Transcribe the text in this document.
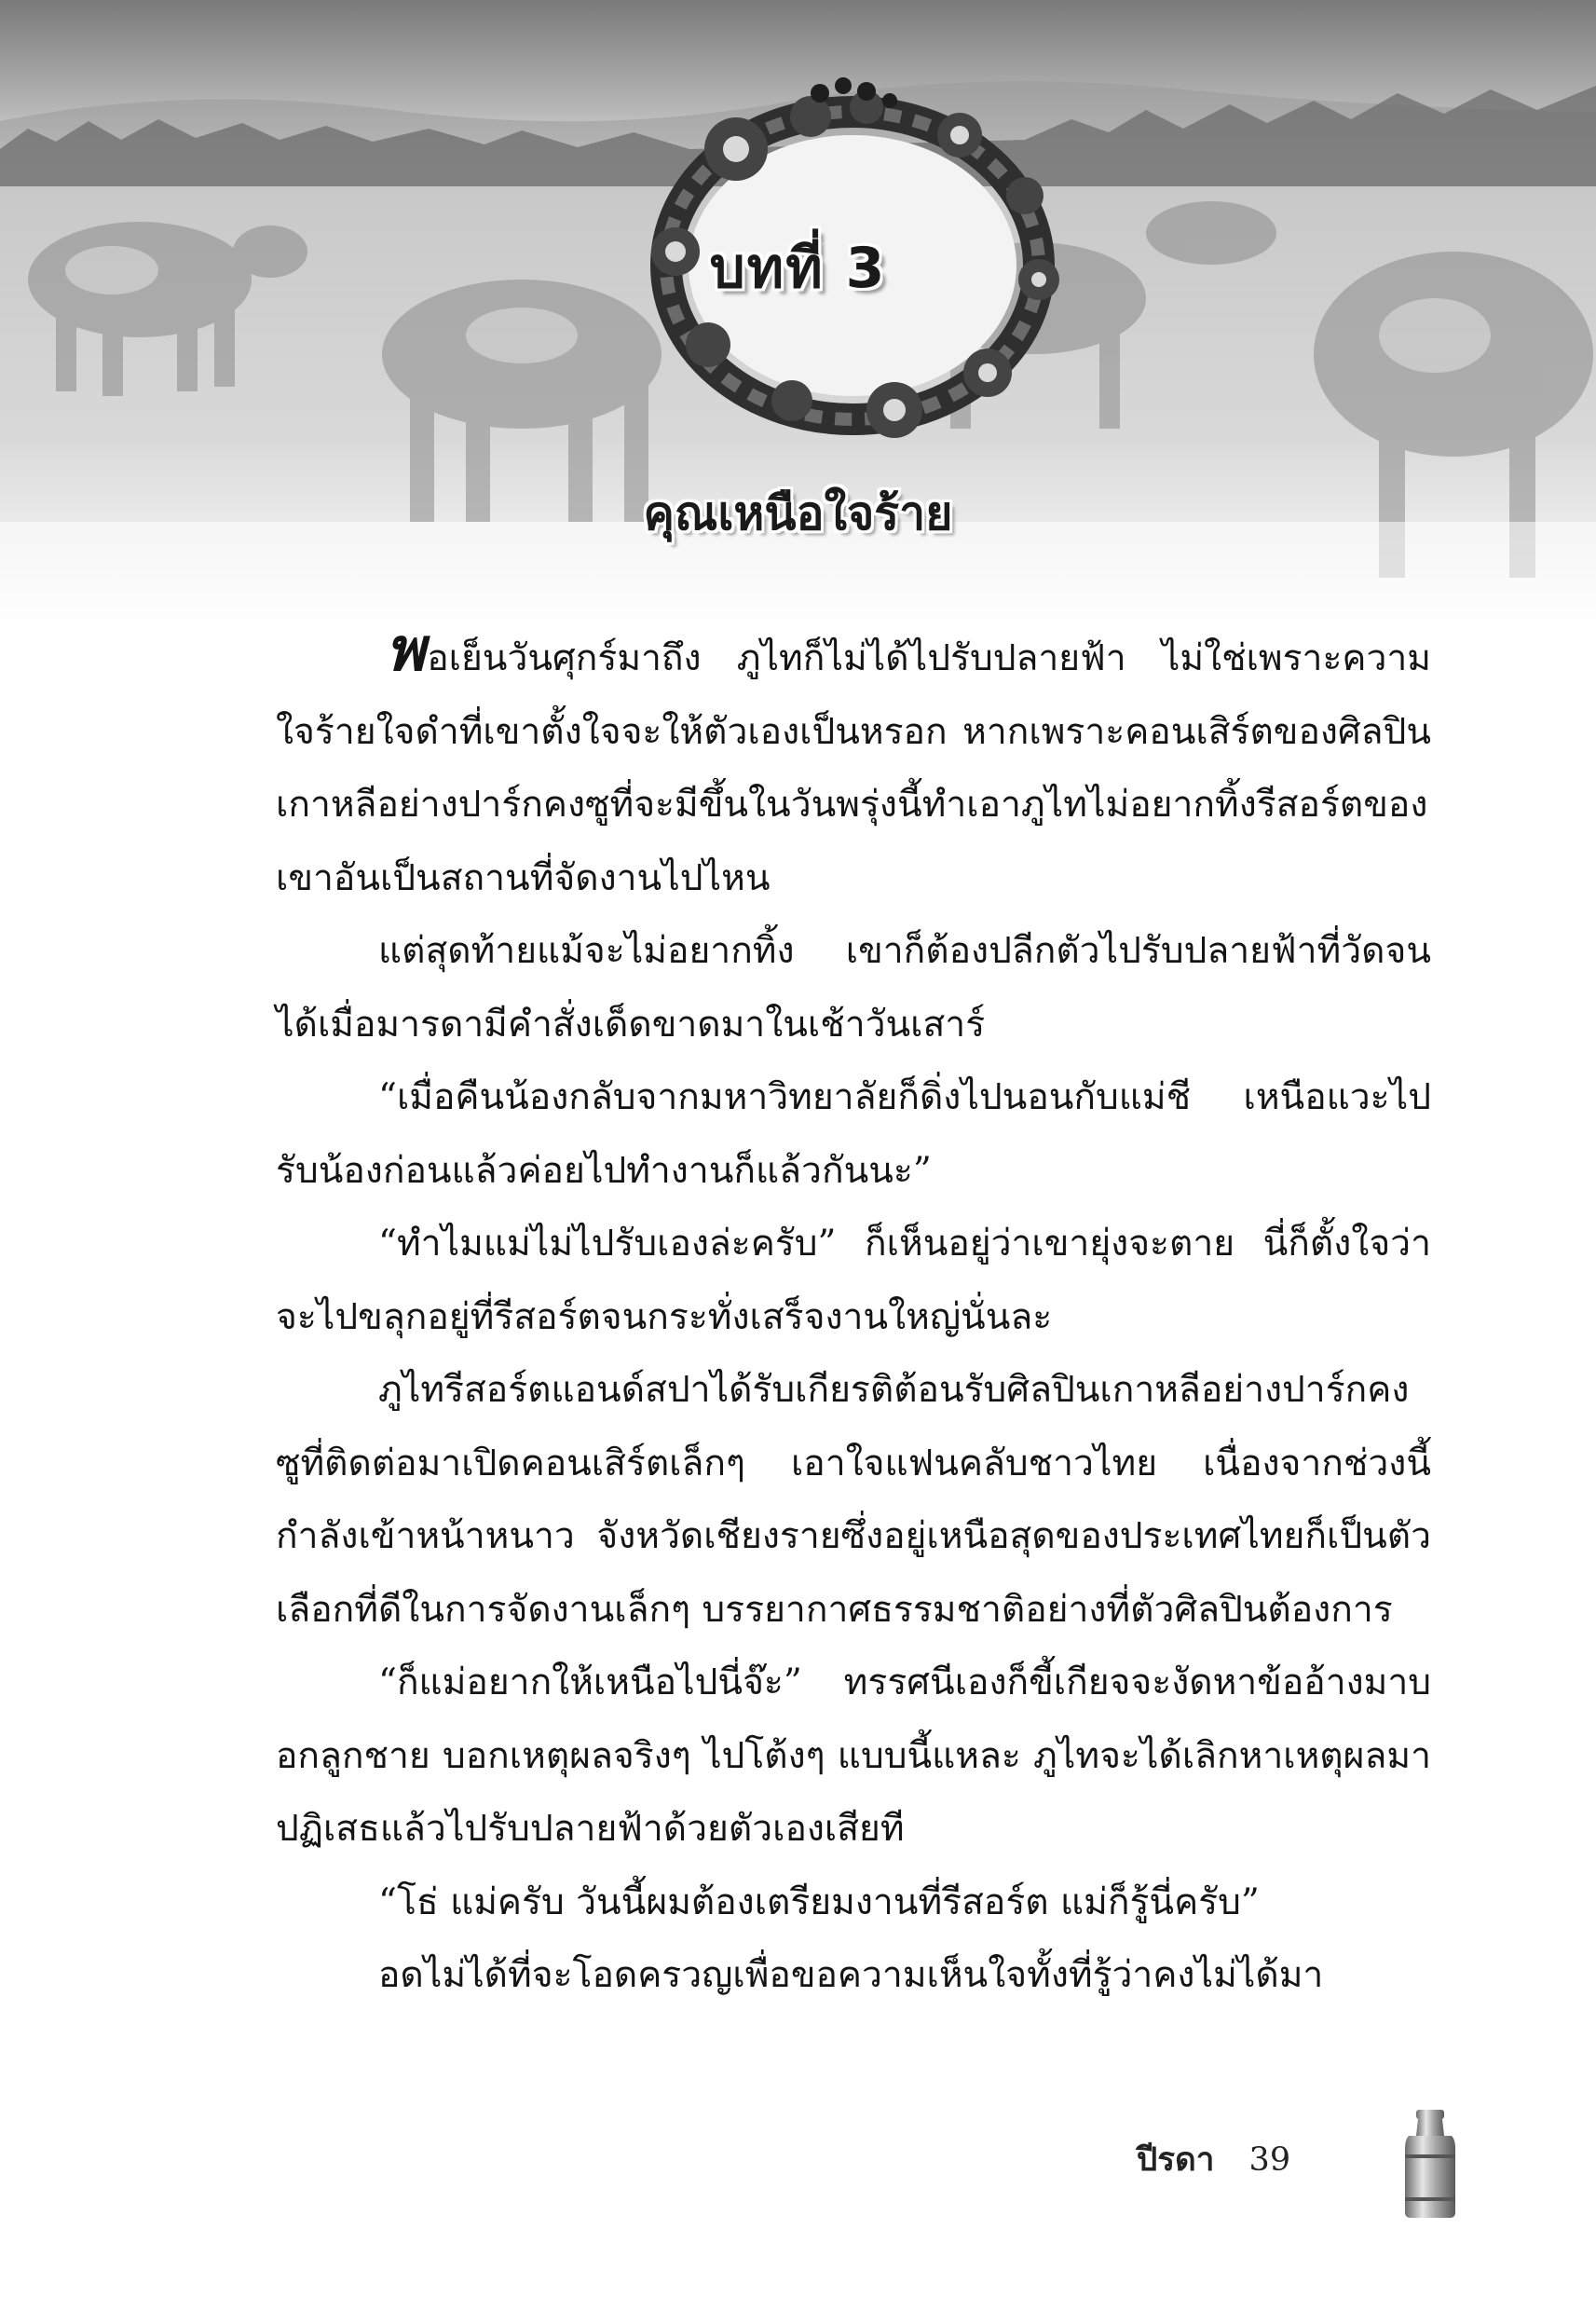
บทที่ 3
คุณเหนือใจร้าย

พอเย็นวันศุกร์มาถึง ภูไทก็ไม่ได้ไปรับปลายฟ้า ไม่ใช่เพราะความใจร้ายใจดำที่เขาตั้งใจจะให้ตัวเองเป็นหรอก หากเพราะคอนเสิร์ตของศิลปินเกาหลีอย่างปาร์กคงซูที่จะมีขึ้นในวันพรุ่งนี้ทำเอาภูไทไม่อยากทิ้งรีสอร์ตของเขาอันเป็นสถานที่จัดงานไปไหน

แต่สุดท้ายแม้จะไม่อยากทิ้ง เขาก็ต้องปลีกตัวไปรับปลายฟ้าที่วัดจนได้เมื่อมารดามีคำสั่งเด็ดขาดมาในเช้าวันเสาร์

“เมื่อคืนน้องกลับจากมหาวิทยาลัยก็ดิ่งไปนอนกับแม่ชี เหนือแวะไปรับน้องก่อนแล้วค่อยไปทำงานก็แล้วกันนะ”

“ทำไมแม่ไม่ไปรับเองล่ะครับ” ก็เห็นอยู่ว่าเขายุ่งจะตาย นี่ก็ตั้งใจว่าจะไปขลุกอยู่ที่รีสอร์ตจนกระทั่งเสร็จงานใหญ่นั่นละ

ภูไทรีสอร์ตแอนด์สปาได้รับเกียรติต้อนรับศิลปินเกาหลีอย่างปาร์กคงซูที่ติดต่อมาเปิดคอนเสิร์ตเล็กๆ เอาใจแฟนคลับชาวไทย เนื่องจากช่วงนี้กำลังเข้าหน้าหนาว จังหวัดเชียงรายซึ่งอยู่เหนือสุดของประเทศไทยก็เป็นตัวเลือกที่ดีในการจัดงานเล็กๆ บรรยากาศธรรมชาติอย่างที่ตัวศิลปินต้องการ

“ก็แม่อยากให้เหนือไปนี่จ๊ะ” ทรรศนีเองก็ขี้เกียจจะงัดหาข้ออ้างมาบอกลูกชาย บอกเหตุผลจริงๆ ไปโต้งๆ แบบนี้แหละ ภูไทจะได้เลิกหาเหตุผลมาปฏิเสธแล้วไปรับปลายฟ้าด้วยตัวเองเสียที

“โธ่ แม่ครับ วันนี้ผมต้องเตรียมงานที่รีสอร์ต แม่ก็รู้นี่ครับ”

อดไม่ได้ที่จะโอดครวญเพื่อขอความเห็นใจทั้งที่รู้ว่าคงไม่ได้มา

ปีรดา 39
